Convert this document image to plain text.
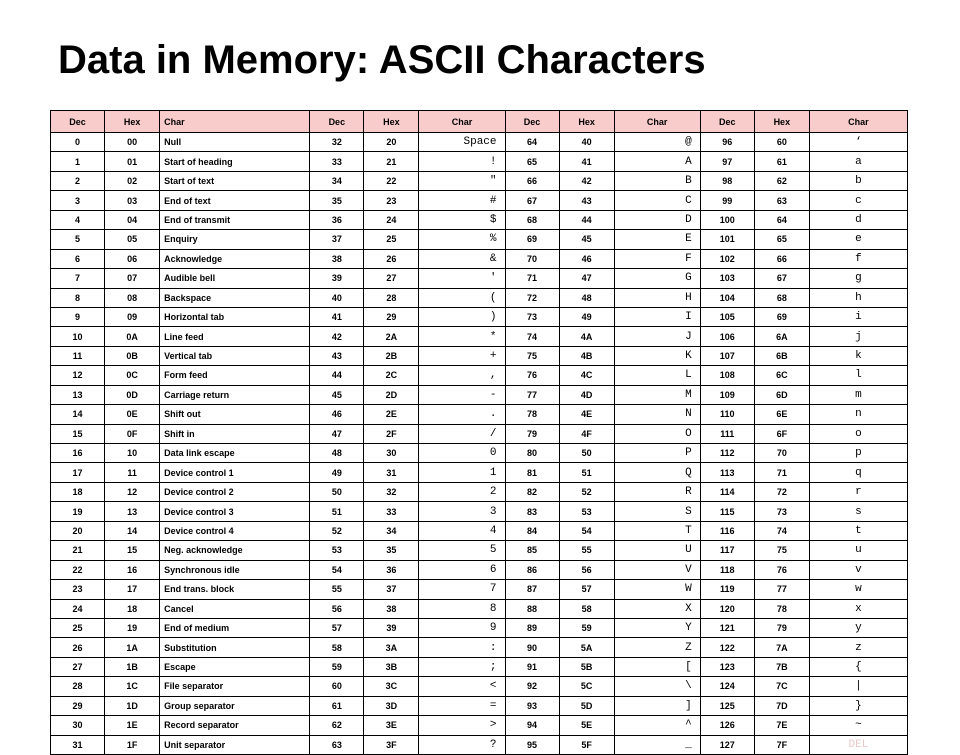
Data in Memory: ASCII Characters
Dec	Hex	Char	Dec	Hex	Char	Dec	Hex	Char	Dec	Hex	Char
0	00	Null	32	20	Space	64	40	@	96	60	‘
1	01	Start of heading	33	21	!	65	41	A	97	61	a
2	02	Start of text	34	22	"	66	42	B	98	62	b
3	03	End of text	35	23	#	67	43	C	99	63	c
4	04	End of transmit	36	24	$	68	44	D	100	64	d
5	05	Enquiry	37	25	%	69	45	E	101	65	e
6	06	Acknowledge	38	26	&	70	46	F	102	66	f
7	07	Audible bell	39	27	'	71	47	G	103	67	g
8	08	Backspace	40	28	(	72	48	H	104	68	h
9	09	Horizontal tab	41	29	)	73	49	I	105	69	i
10	0A	Line feed	42	2A	*	74	4A	J	106	6A	j
11	0B	Vertical tab	43	2B	+	75	4B	K	107	6B	k
12	0C	Form feed	44	2C	,	76	4C	L	108	6C	l
13	0D	Carriage return	45	2D	-	77	4D	M	109	6D	m
14	0E	Shift out	46	2E	.	78	4E	N	110	6E	n
15	0F	Shift in	47	2F	/	79	4F	O	111	6F	o
16	10	Data link escape	48	30	0	80	50	P	112	70	p
17	11	Device control 1	49	31	1	81	51	Q	113	71	q
18	12	Device control 2	50	32	2	82	52	R	114	72	r
19	13	Device control 3	51	33	3	83	53	S	115	73	s
20	14	Device control 4	52	34	4	84	54	T	116	74	t
21	15	Neg. acknowledge	53	35	5	85	55	U	117	75	u
22	16	Synchronous idle	54	36	6	86	56	V	118	76	v
23	17	End trans. block	55	37	7	87	57	W	119	77	w
24	18	Cancel	56	38	8	88	58	X	120	78	x
25	19	End of medium	57	39	9	89	59	Y	121	79	y
26	1A	Substitution	58	3A	:	90	5A	Z	122	7A	z
27	1B	Escape	59	3B	;	91	5B	[	123	7B	{
28	1C	File separator	60	3C	<	92	5C	\	124	7C	|
29	1D	Group separator	61	3D	=	93	5D	]	125	7D	}
30	1E	Record separator	62	3E	>	94	5E	^	126	7E	~
31	1F	Unit separator	63	3F	?	95	5F	_	127	7F	DEL
